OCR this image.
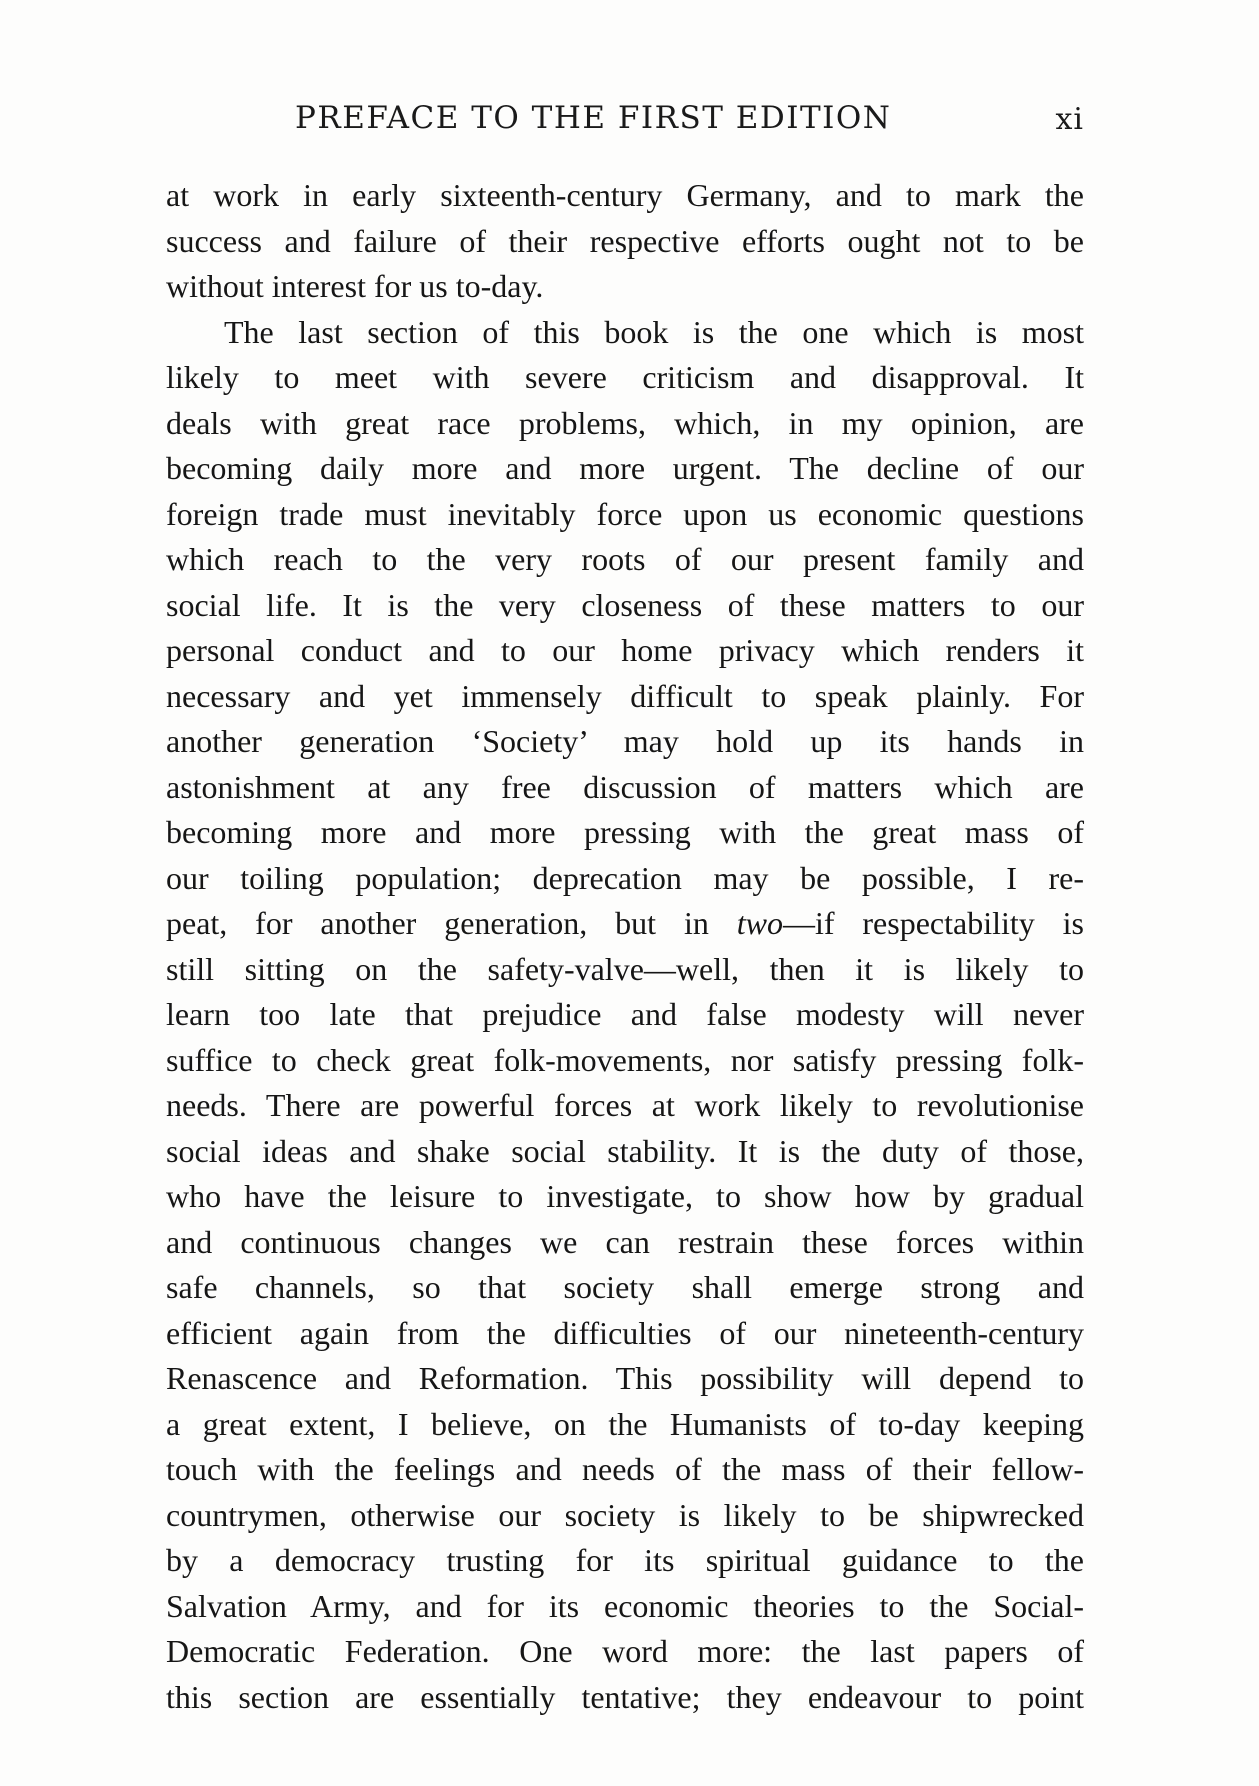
PREFACE TO THE FIRST EDITION	xi
at work in early sixteenth-century Germany, and to mark the
success and failure of their respective efforts ought not to be
without interest for us to-day.
The last section of this book is the one which is most
likely to meet with severe criticism and disapproval. It
deals with great race problems, which, in my opinion, are
becoming daily more and more urgent. The decline of our
foreign trade must inevitably force upon us economic questions
which reach to the very roots of our present family and
social life. It is the very closeness of these matters to our
personal conduct and to our home privacy which renders it
necessary and yet immensely difficult to speak plainly. For
another generation ‘Society’ may hold up its hands in
astonishment at any free discussion of matters which are
becoming more and more pressing with the great mass of
our toiling population; deprecation may be possible, I re-
peat, for another generation, but in two—if respectability is
still sitting on the safety-valve—well, then it is likely to
learn too late that prejudice and false modesty will never
suffice to check great folk-movements, nor satisfy pressing folk-
needs. There are powerful forces at work likely to revolutionise
social ideas and shake social stability. It is the duty of those,
who have the leisure to investigate, to show how by gradual
and continuous changes we can restrain these forces within
safe channels, so that society shall emerge strong and
efficient again from the difficulties of our nineteenth-century
Renascence and Reformation. This possibility will depend to
a great extent, I believe, on the Humanists of to-day keeping
touch with the feelings and needs of the mass of their fellow-
countrymen, otherwise our society is likely to be shipwrecked
by a democracy trusting for its spiritual guidance to the
Salvation Army, and for its economic theories to the Social-
Democratic Federation. One word more: the last papers of
this section are essentially tentative; they endeavour to point
